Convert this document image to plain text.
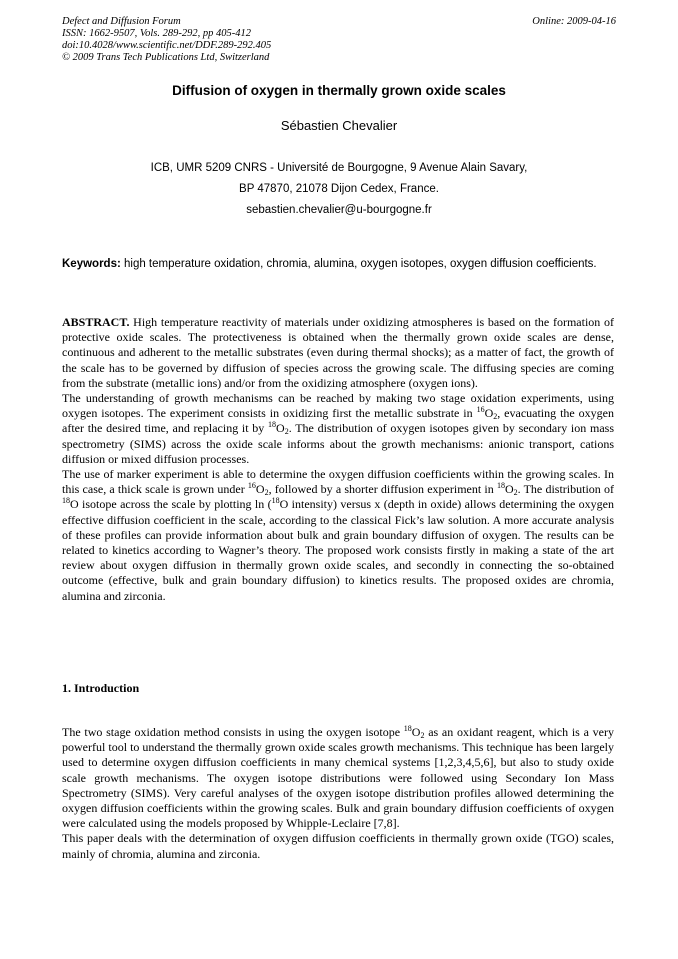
Defect and Diffusion Forum
ISSN: 1662-9507, Vols. 289-292, pp 405-412
doi:10.4028/www.scientific.net/DDF.289-292.405
© 2009 Trans Tech Publications Ltd, Switzerland
Online: 2009-04-16
Diffusion of oxygen in thermally grown oxide scales
Sébastien Chevalier
ICB, UMR 5209 CNRS - Université de Bourgogne, 9 Avenue Alain Savary,
BP 47870, 21078 Dijon Cedex, France.
sebastien.chevalier@u-bourgogne.fr
Keywords: high temperature oxidation, chromia, alumina, oxygen isotopes, oxygen diffusion coefficients.

ABSTRACT. High temperature reactivity of materials under oxidizing atmospheres is based on the formation of protective oxide scales. The protectiveness is obtained when the thermally grown oxide scales are dense, continuous and adherent to the metallic substrates (even during thermal shocks); as a matter of fact, the growth of the scale has to be governed by diffusion of species across the growing scale. The diffusing species are coming from the substrate (metallic ions) and/or from the oxidizing atmosphere (oxygen ions).

The understanding of growth mechanisms can be reached by making two stage oxidation experiments, using oxygen isotopes. The experiment consists in oxidizing first the metallic substrate in $^{16}O_2$, evacuating the oxygen after the desired time, and replacing it by $^{18}O_2$. The distribution of oxygen isotopes given by secondary ion mass spectrometry (SIMS) across the oxide scale informs about the growth mechanisms: anionic transport, cations diffusion or mixed diffusion processes.

The use of marker experiment is able to determine the oxygen diffusion coefficients within the growing scales. In this case, a thick scale is grown under $^{16}O_2$, followed by a shorter diffusion experiment in $^{18}O_2$. The distribution of $^{18}$O isotope across the scale by plotting ln ($^{18}$O intensity) versus x (depth in oxide) allows determining the oxygen effective diffusion coefficient in the scale, according to the classical Fick’s law solution. A more accurate analysis of these profiles can provide information about bulk and grain boundary diffusion of oxygen. The results can be related to kinetics according to Wagner’s theory. The proposed work consists firstly in making a state of the art review about oxygen diffusion in thermally grown oxide scales, and secondly in connecting the so-obtained outcome (effective, bulk and grain boundary diffusion) to kinetics results. The proposed oxides are chromia, alumina and zirconia.

1. Introduction

The two stage oxidation method consists in using the oxygen isotope $^{18}O_2$ as an oxidant reagent, which is a very powerful tool to understand the thermally grown oxide scales growth mechanisms. This technique has been largely used to determine oxygen diffusion coefficients in many chemical systems [1,2,3,4,5,6], but also to study oxide scale growth mechanisms. The oxygen isotope distributions were followed using Secondary Ion Mass Spectrometry (SIMS). Very careful analyses of the oxygen isotope distribution profiles allowed determining the oxygen diffusion coefficients within the growing scales. Bulk and grain boundary diffusion coefficients of oxygen were calculated using the models proposed by Whipple-Leclaire [7,8].

This paper deals with the determination of oxygen diffusion coefficients in thermally grown oxide (TGO) scales, mainly of chromia, alumina and zirconia.
